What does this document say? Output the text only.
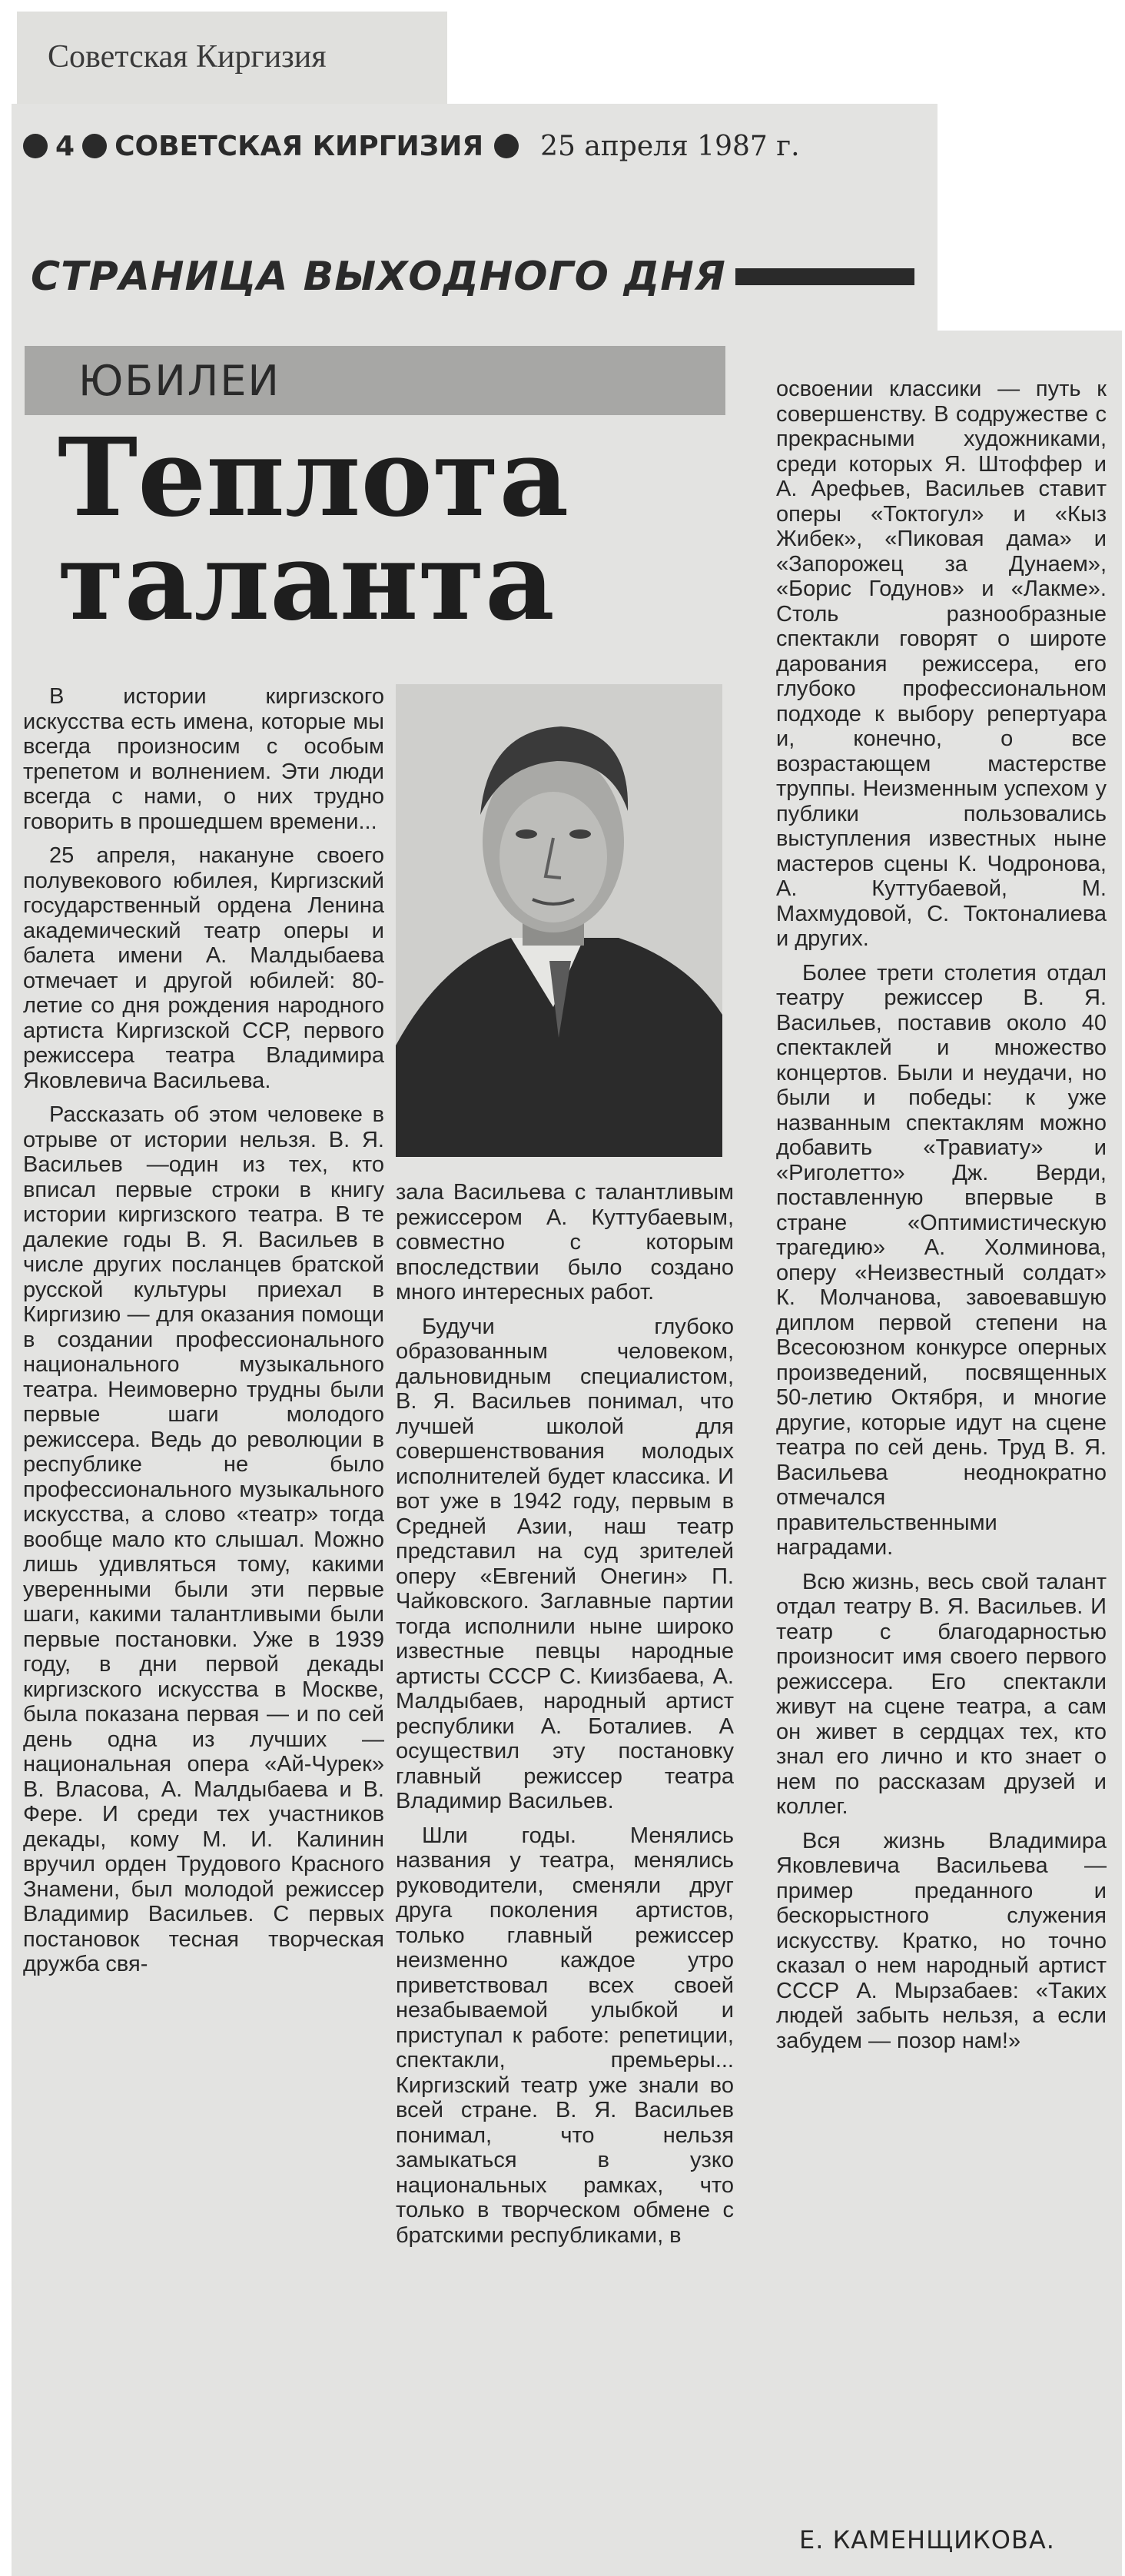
Советская Киргизия
4 СОВЕТСКАЯ КИРГИЗИЯ 25 апреля 1987 г.
СТРАНИЦА ВЫХОДНОГО ДНЯ
ЮБИЛЕИ
Теплота
таланта

В истории киргизского искусства есть имена, которые мы всегда произносим с особым трепетом и волнением. Эти люди всегда с нами, о них трудно говорить в прошедшем времени...

25 апреля, накануне своего полувекового юбилея, Киргизский государственный ордена Ленина академический театр оперы и балета имени А. Малдыбаева отмечает и другой юбилей: 80-летие со дня рождения народного артиста Киргизской ССР, первого режиссера театра Владимира Яковлевича Васильева.

Рассказать об этом человеке в отрыве от истории нельзя. В. Я. Васильев —один из тех, кто вписал первые строки в книгу истории киргизского театра. В те далекие годы В. Я. Васильев в числе других посланцев братской русской культуры приехал в Киргизию — для оказания помощи в создании профессионального национального музыкального театра. Неимоверно трудны были первые шаги молодого режиссера. Ведь до революции в республике не было профессионального музыкального искусства, а слово «театр» тогда вообще мало кто слышал. Можно лишь удивляться тому, какими уверенными были эти первые шаги, какими талантливыми были первые постановки. Уже в 1939 году, в дни первой декады киргизского искусства в Москве, была показана первая — и по сей день одна из лучших — национальная опера «Ай-Чурек» В. Власова, А. Малдыбаева и В. Фере. И среди тех участников декады, кому М. И. Калинин вручил орден Трудового Красного Знамени, был молодой режиссер Владимир Васильев. С первых постановок тесная творческая дружба свя-

зала Васильева с талантливым режиссером А. Куттубаевым, совместно с которым впоследствии было создано много интересных работ.

Будучи глубоко образованным человеком, дальновидным специалистом, В. Я. Васильев понимал, что лучшей школой для совершенствования молодых исполнителей будет классика. И вот уже в 1942 году, первым в Средней Азии, наш театр представил на суд зрителей оперу «Евгений Онегин» П. Чайковского. Заглавные партии тогда исполнили ныне широко известные певцы народные артисты СССР С. Киизбаева, А. Малдыбаев, народный артист республики А. Боталиев. А осуществил эту постановку главный режиссер театра Владимир Васильев.

Шли годы. Менялись названия у театра, менялись руководители, сменяли друг друга поколения артистов, только главный режиссер неизменно каждое утро приветствовал всех своей незабываемой улыбкой и приступал к работе: репетиции, спектакли, премьеры... Киргизский театр уже знали во всей стране. В. Я. Васильев понимал, что нельзя замыкаться в узко национальных рамках, что только в творческом обмене с братскими республиками, в

освоении классики — путь к совершенству. В содружестве с прекрасными художниками, среди которых Я. Штоффер и А. Арефьев, Васильев ставит оперы «Токтогул» и «Кыз Жибек», «Пиковая дама» и «Запорожец за Дунаем», «Борис Годунов» и «Лакме». Столь разнообразные спектакли говорят о широте дарования режиссера, его глубоко профессиональном подходе к выбору репертуара и, конечно, о все возрастающем мастерстве труппы. Неизменным успехом у публики пользовались выступления известных ныне мастеров сцены К. Чодронова, А. Куттубаевой, М. Махмудовой, С. Токтоналиева и других.

Более трети столетия отдал театру режиссер В. Я. Васильев, поставив около 40 спектаклей и множество концертов. Были и неудачи, но были и победы: к уже названным спектаклям можно добавить «Травиату» и «Риголетто» Дж. Верди, поставленную впервые в стране «Оптимистическую трагедию» А. Холминова, оперу «Неизвестный солдат» К. Молчанова, завоевавшую диплом первой степени на Всесоюзном конкурсе оперных произведений, посвященных 50-летию Октября, и многие другие, которые идут на сцене театра по сей день. Труд В. Я. Васильева неоднократно отмечался правительственными наградами.

Всю жизнь, весь свой талант отдал театру В. Я. Васильев. И театр с благодарностью произносит имя своего первого режиссера. Его спектакли живут на сцене театра, а сам он живет в сердцах тех, кто знал его лично и кто знает о нем по рассказам друзей и коллег.

Вся жизнь Владимира Яковлевича Васильева — пример преданного и бескорыстного служения искусству. Кратко, но точно сказал о нем народный артист СССР А. Мырзабаев: «Таких людей забыть нельзя, а если забудем — позор нам!»

Е. КАМЕНЩИКОВА.
